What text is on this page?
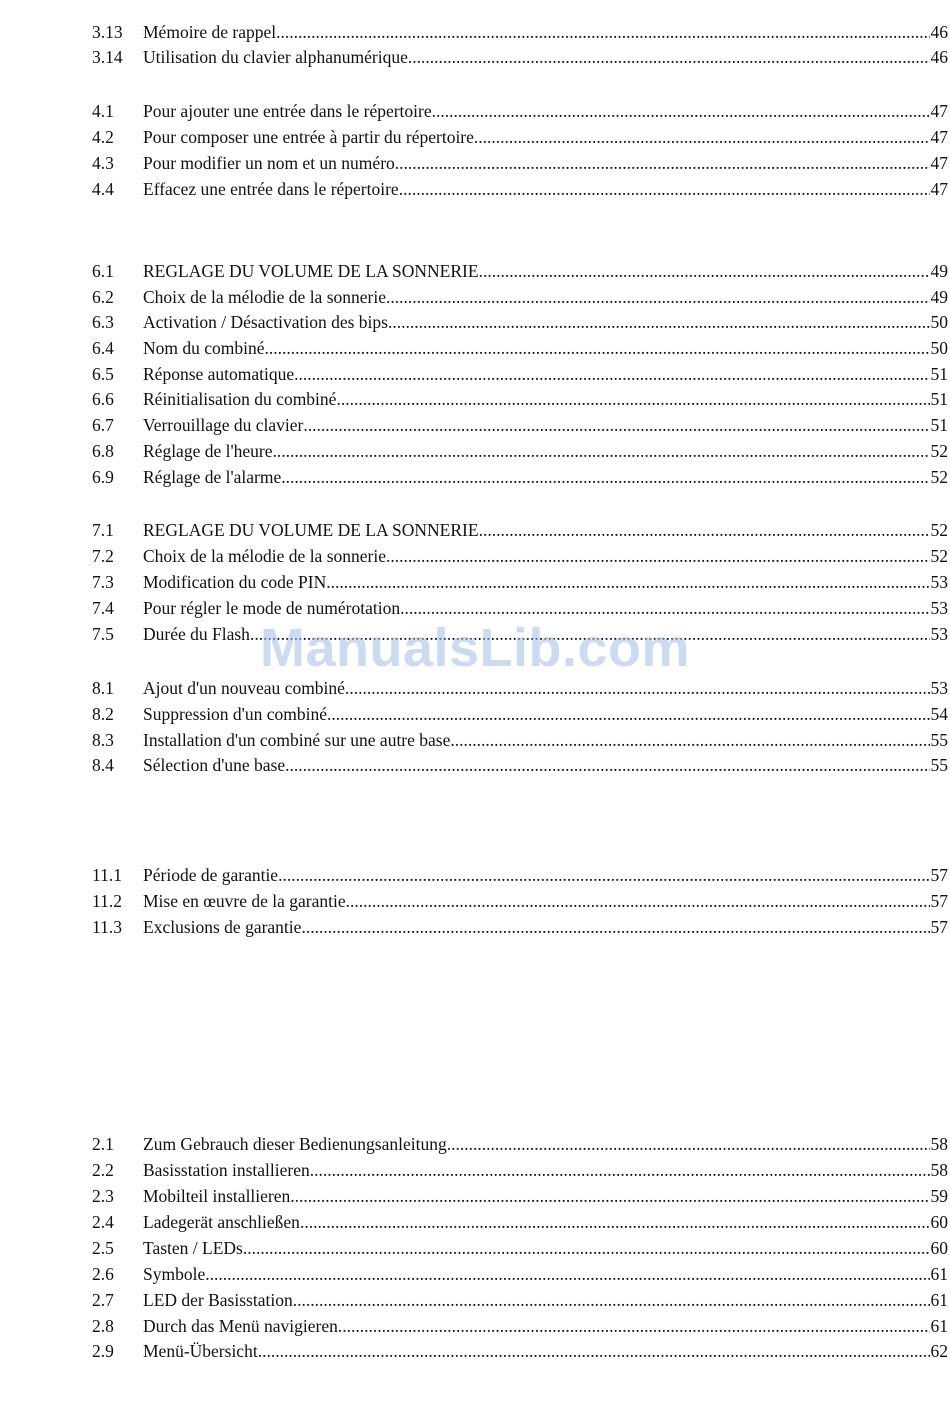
3.13	Mémoire de rappel .....	46
3.14	Utilisation du clavier alphanumérique .....	46
4.1	Pour ajouter une entrée dans le répertoire .....	47
4.2	Pour composer une entrée à partir du répertoire .....	47
4.3	Pour modifier un nom et un numéro .....	47
4.4	Effacez une entrée dans le répertoire .....	47
6.1	REGLAGE DU VOLUME DE LA SONNERIE .....	49
6.2	Choix de la mélodie de la sonnerie .....	49
6.3	Activation / Désactivation des bips .....	50
6.4	Nom du combiné .....	50
6.5	Réponse automatique .....	51
6.6	Réinitialisation du combiné .....	51
6.7	Verrouillage du clavier .....	51
6.8	Réglage de l'heure .....	52
6.9	Réglage de l'alarme .....	52
7.1	REGLAGE DU VOLUME DE LA SONNERIE .....	52
7.2	Choix de la mélodie de la sonnerie .....	52
7.3	Modification du code PIN .....	53
7.4	Pour régler le mode de numérotation .....	53
7.5	Durée du Flash .....	53
8.1	Ajout d'un nouveau combiné .....	53
8.2	Suppression d'un combiné .....	54
8.3	Installation d'un combiné sur une autre base .....	55
8.4	Sélection d'une base .....	55
11.1	Période de garantie .....	57
11.2	Mise en œuvre de la garantie .....	57
11.3	Exclusions de garantie .....	57
2.1	Zum Gebrauch dieser Bedienungsanleitung .....	58
2.2	Basisstation installieren .....	58
2.3	Mobilteil installieren .....	59
2.4	Ladegerät anschließen .....	60
2.5	Tasten / LEDs .....	60
2.6	Symbole .....	61
2.7	LED der Basisstation .....	61
2.8	Durch das Menü navigieren .....	61
2.9	Menü-Übersicht .....	62
ManualsLib.com
